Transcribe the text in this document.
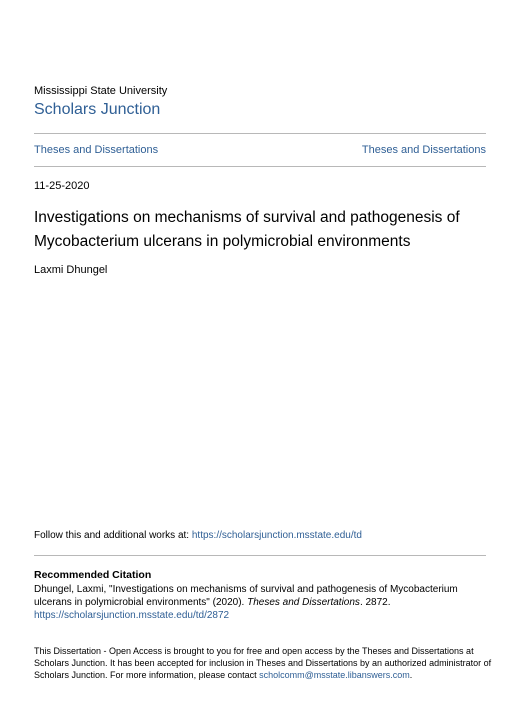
Mississippi State University
Scholars Junction
Theses and Dissertations	Theses and Dissertations
11-25-2020
Investigations on mechanisms of survival and pathogenesis of Mycobacterium ulcerans in polymicrobial environments
Laxmi Dhungel
Follow this and additional works at: https://scholarsjunction.msstate.edu/td
Recommended Citation
Dhungel, Laxmi, "Investigations on mechanisms of survival and pathogenesis of Mycobacterium ulcerans in polymicrobial environments" (2020). Theses and Dissertations. 2872.
https://scholarsjunction.msstate.edu/td/2872
This Dissertation - Open Access is brought to you for free and open access by the Theses and Dissertations at Scholars Junction. It has been accepted for inclusion in Theses and Dissertations by an authorized administrator of Scholars Junction. For more information, please contact scholcomm@msstate.libanswers.com.
